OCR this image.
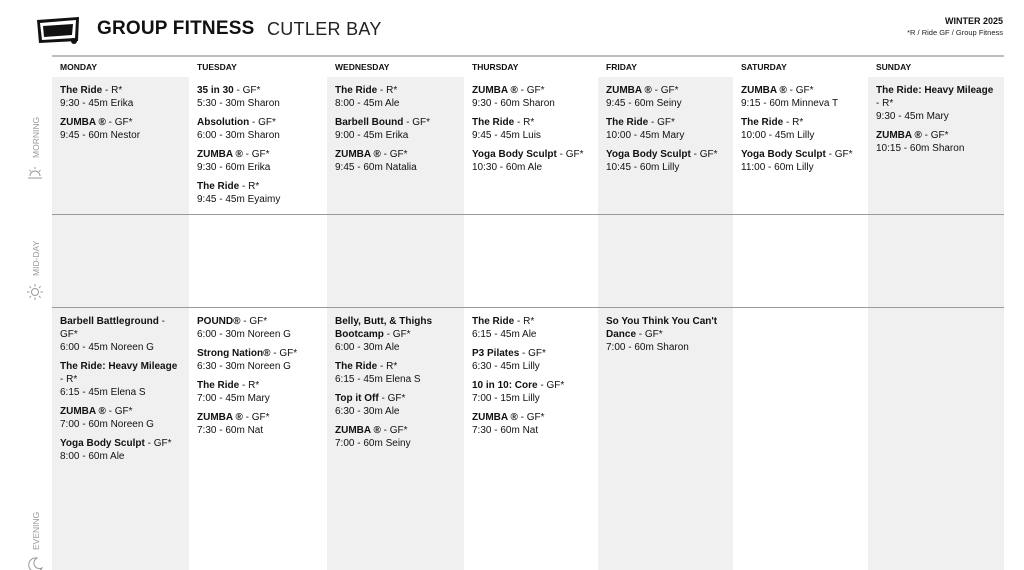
GROUP FITNESS CUTLER BAY	WINTER 2025
*R / Ride GF / Group Fitness
MONDAY
The Ride - R*
9:30 - 45m Erika
ZUMBA ® - GF*
9:45 - 60m Nestor
Barbell Battleground - GF*
6:00 - 45m Noreen G
The Ride: Heavy Mileage - R*
6:15 - 45m Elena S
ZUMBA ® - GF*
7:00 - 60m Noreen G
Yoga Body Sculpt - GF*
8:00 - 60m Ale
TUESDAY
35 in 30 - GF*
5:30 - 30m Sharon
Absolution - GF*
6:00 - 30m Sharon
ZUMBA ® - GF*
9:30 - 60m Erika
The Ride - R*
9:45 - 45m Eyaimy
POUND® - GF*
6:00 - 30m Noreen G
Strong Nation® - GF*
6:30 - 30m Noreen G
The Ride - R*
7:00 - 45m Mary
ZUMBA ® - GF*
7:30 - 60m Nat
WEDNESDAY
The Ride - R*
8:00 - 45m Ale
Barbell Bound - GF*
9:00 - 45m Erika
ZUMBA ® - GF*
9:45 - 60m Natalia
Belly, Butt, & Thighs Bootcamp - GF*
6:00 - 30m Ale
The Ride - R*
6:15 - 45m Elena S
Top it Off - GF*
6:30 - 30m Ale
ZUMBA ® - GF*
7:00 - 60m Seiny
THURSDAY
ZUMBA ® - GF*
9:30 - 60m Sharon
The Ride - R*
9:45 - 45m Luis
Yoga Body Sculpt - GF*
10:30 - 60m Ale
The Ride - R*
6:15 - 45m Ale
P3 Pilates - GF*
6:30 - 45m Lilly
10 in 10: Core - GF*
7:00 - 15m Lilly
ZUMBA ® - GF*
7:30 - 60m Nat
FRIDAY
ZUMBA ® - GF*
9:45 - 60m Seiny
The Ride - GF*
10:00 - 45m Mary
Yoga Body Sculpt - GF*
10:45 - 60m Lilly
So You Think You Can't Dance - GF*
7:00 - 60m Sharon
SATURDAY
ZUMBA ® - GF*
9:15 - 60m Minneva T
The Ride - R*
10:00 - 45m Lilly
Yoga Body Sculpt - GF*
11:00 - 60m Lilly
SUNDAY
The Ride: Heavy Mileage - R*
9:30 - 45m Mary
ZUMBA ® - GF*
10:15 - 60m Sharon
MORNING
MID-DAY
EVENING
